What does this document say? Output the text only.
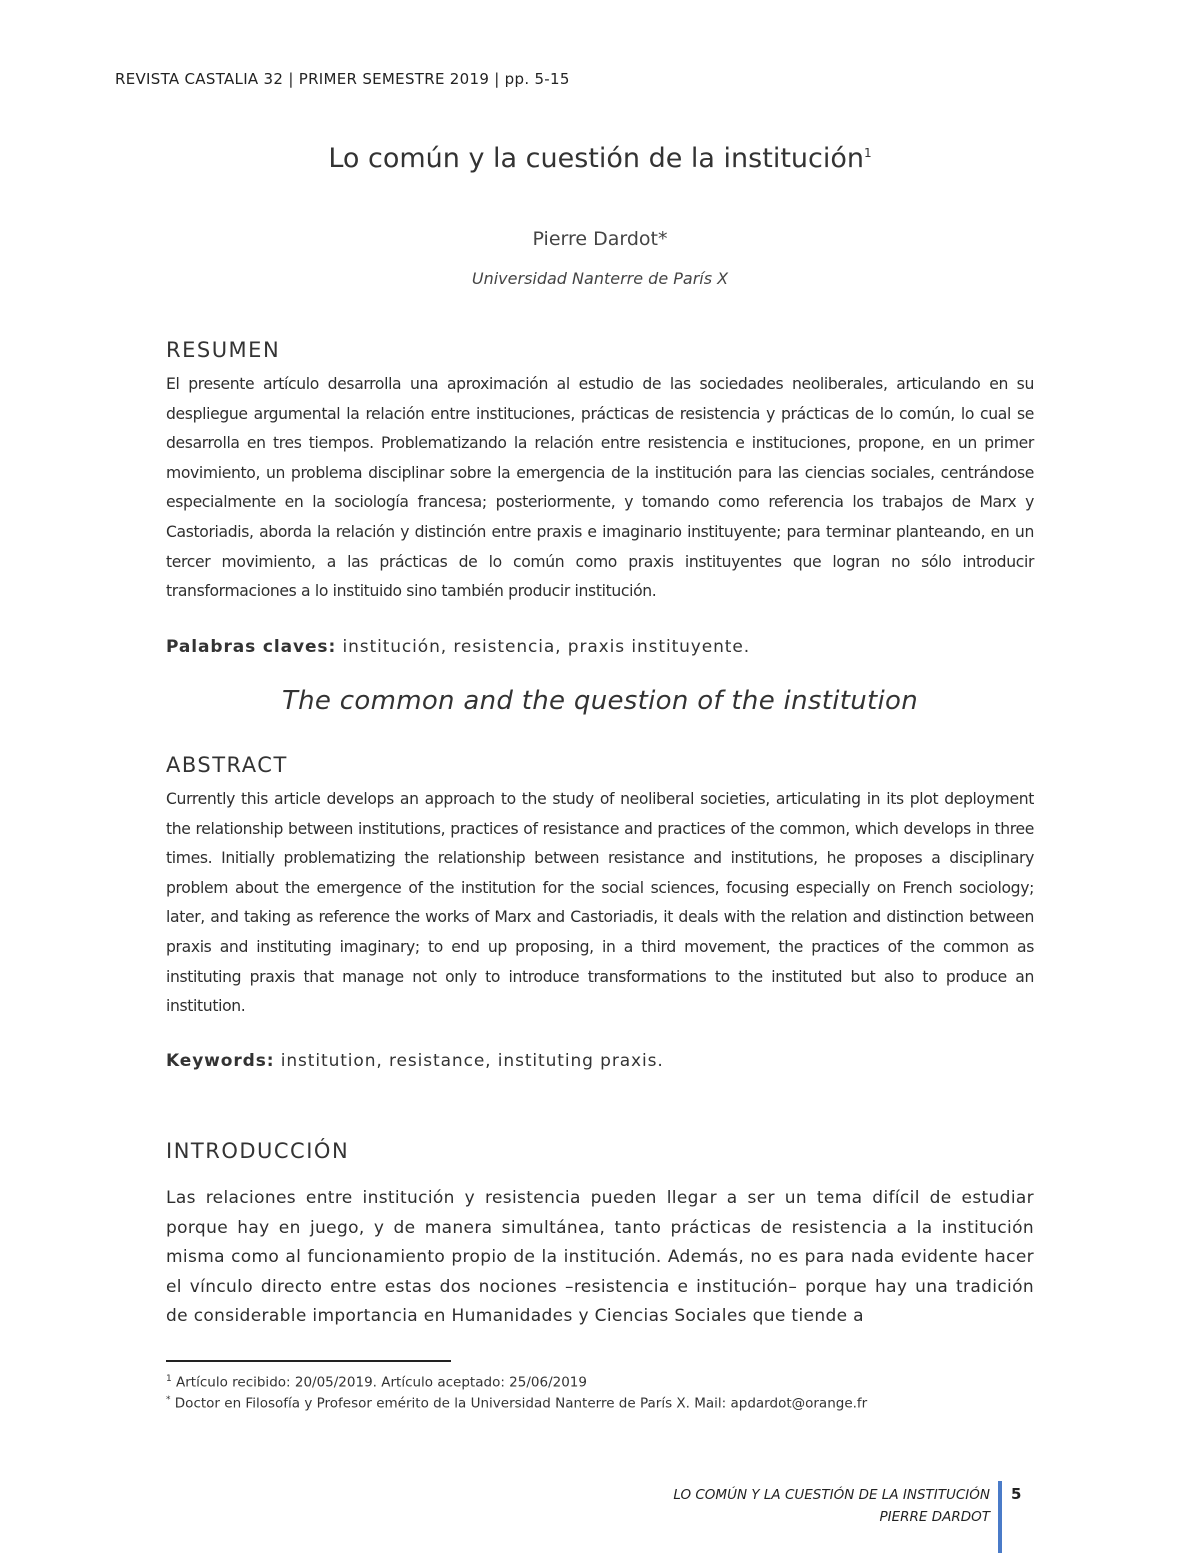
REVISTA CASTALIA 32 | PRIMER SEMESTRE 2019 | pp. 5-15
Lo común y la cuestión de la institución$^1$
Pierre Dardot*
Universidad Nanterre de París X
RESUMEN
El presente artículo desarrolla una aproximación al estudio de las sociedades neoliberales, articulando en su despliegue argumental la relación entre instituciones, prácticas de resistencia y prácticas de lo común, lo cual se desarrolla en tres tiempos. Problematizando la relación entre resistencia e instituciones, propone, en un primer movimiento, un problema disciplinar sobre la emergencia de la institución para las ciencias sociales, centrándose especialmente en la sociología francesa; posteriormente, y tomando como referencia los trabajos de Marx y Castoriadis, aborda la relación y distinción entre praxis e imaginario instituyente; para terminar planteando, en un tercer movimiento, a las prácticas de lo común como praxis instituyentes que logran no sólo introducir transformaciones a lo instituido sino también producir institución.
Palabras claves: institución, resistencia, praxis instituyente.
The common and the question of the institution
ABSTRACT
Currently this article develops an approach to the study of neoliberal societies, articulating in its plot deployment the relationship between institutions, practices of resistance and practices of the common, which develops in three times. Initially problematizing the relationship between resistance and institutions, he proposes a disciplinary problem about the emergence of the institution for the social sciences, focusing especially on French sociology; later, and taking as reference the works of Marx and Castoriadis, it deals with the relation and distinction between praxis and instituting imaginary; to end up proposing, in a third movement, the practices of the common as instituting praxis that manage not only to introduce transformations to the instituted but also to produce an institution.
Keywords: institution, resistance, instituting praxis.
INTRODUCCIÓN
Las relaciones entre institución y resistencia pueden llegar a ser un tema difícil de estudiar porque hay en juego, y de manera simultánea, tanto prácticas de resistencia a la institución misma como al funcionamiento propio de la institución. Además, no es para nada evidente hacer el vínculo directo entre estas dos nociones –resistencia e institución– porque hay una tradición de considerable importancia en Humanidades y Ciencias Sociales que tiende a
$^1$ Artículo recibido: 20/05/2019. Artículo aceptado: 25/06/2019
* Doctor en Filosofía y Profesor emérito de la Universidad Nanterre de París X. Mail: apdardot@orange.fr
LO COMÚN Y LA CUESTIÓN DE LA INSTITUCIÓN
PIERRE DARDOT
5
